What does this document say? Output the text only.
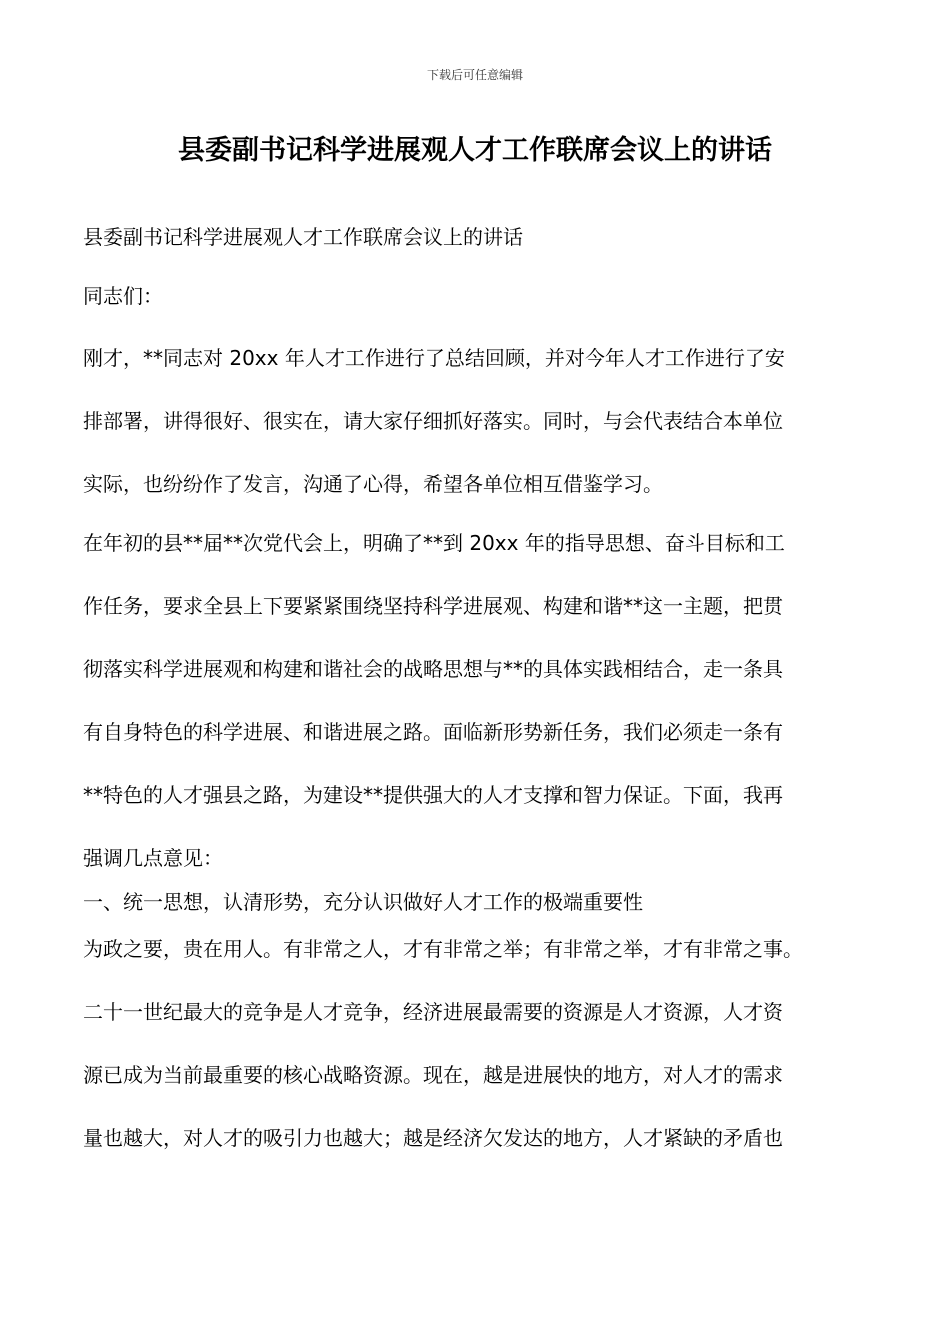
下载后可任意编辑
县委副书记科学进展观人才工作联席会议上的讲话
县委副书记科学进展观人才工作联席会议上的讲话
同志们：
刚才，**同志对 20xx 年人才工作进行了总结回顾，并对今年人才工作进行了安
排部署，讲得很好、很实在，请大家仔细抓好落实。同时，与会代表结合本单位
实际，也纷纷作了发言，沟通了心得，希望各单位相互借鉴学习。
在年初的县**届**次党代会上，明确了**到 20xx 年的指导思想、奋斗目标和工
作任务，要求全县上下要紧紧围绕坚持科学进展观、构建和谐**这一主题，把贯
彻落实科学进展观和构建和谐社会的战略思想与**的具体实践相结合，走一条具
有自身特色的科学进展、和谐进展之路。面临新形势新任务，我们必须走一条有
**特色的人才强县之路，为建设**提供强大的人才支撑和智力保证。下面，我再
强调几点意见：
一、统一思想，认清形势，充分认识做好人才工作的极端重要性
为政之要，贵在用人。有非常之人，才有非常之举；有非常之举，才有非常之事。
二十一世纪最大的竞争是人才竞争，经济进展最需要的资源是人才资源，人才资
源已成为当前最重要的核心战略资源。现在，越是进展快的地方，对人才的需求
量也越大，对人才的吸引力也越大；越是经济欠发达的地方，人才紧缺的矛盾也
